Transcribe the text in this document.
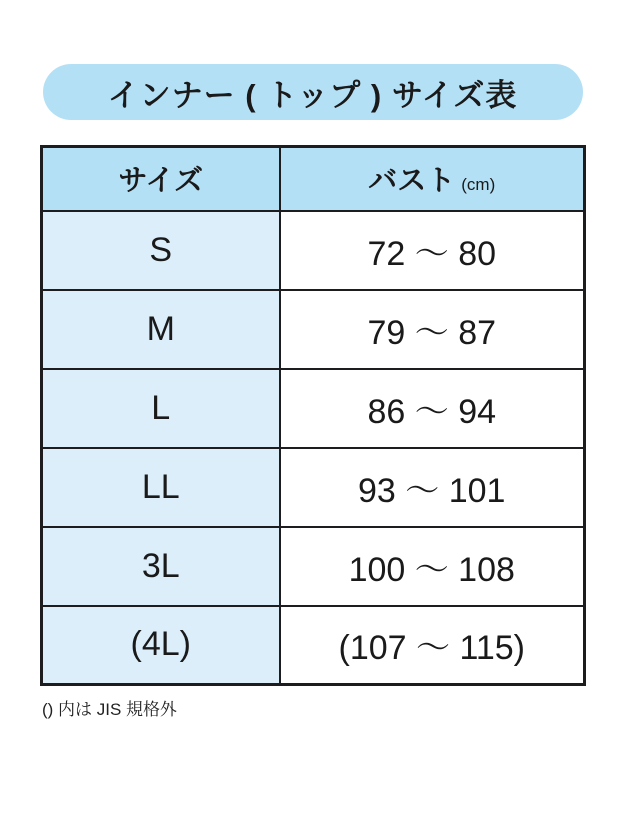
インナー ( トップ ) サイズ表
サイズ	バスト (cm)
S	72 ～ 80
M	79 ～ 87
L	86 ～ 94
LL	93 ～ 101
3L	100 ～ 108
(4L)	(107 ～ 115)
() 内は JIS 規格外
